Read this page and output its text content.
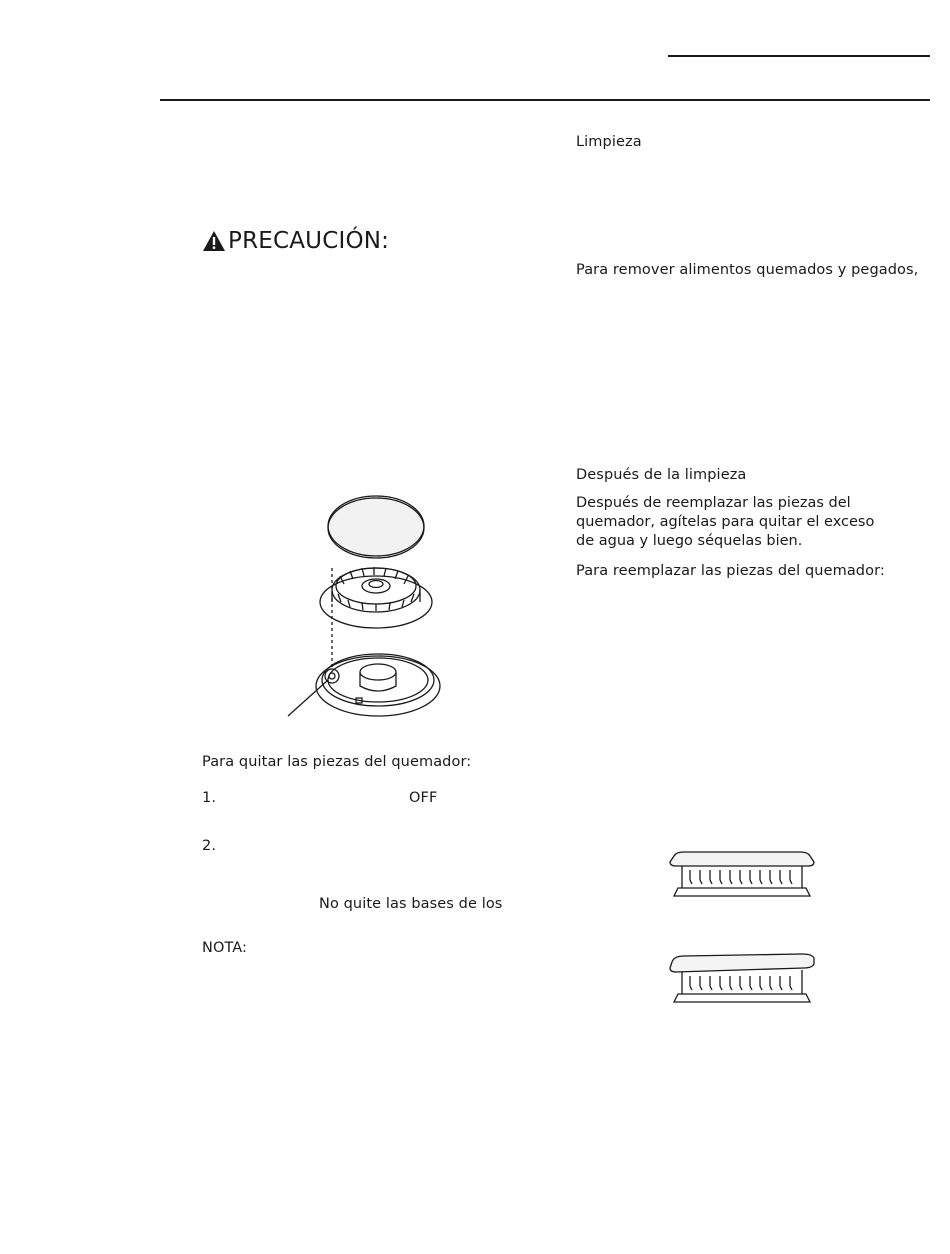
PRECAUCIÓN:
Para quitar las piezas del quemador:
1.	OFF
2.
No quite las bases de los
NOTA:
Limpieza
Para remover alimentos quemados y pegados,
Después de la limpieza
Después de reemplazar las piezas del
quemador, agítelas para quitar el exceso
de agua y luego séquelas bien.
Para reemplazar las piezas del quemador:
